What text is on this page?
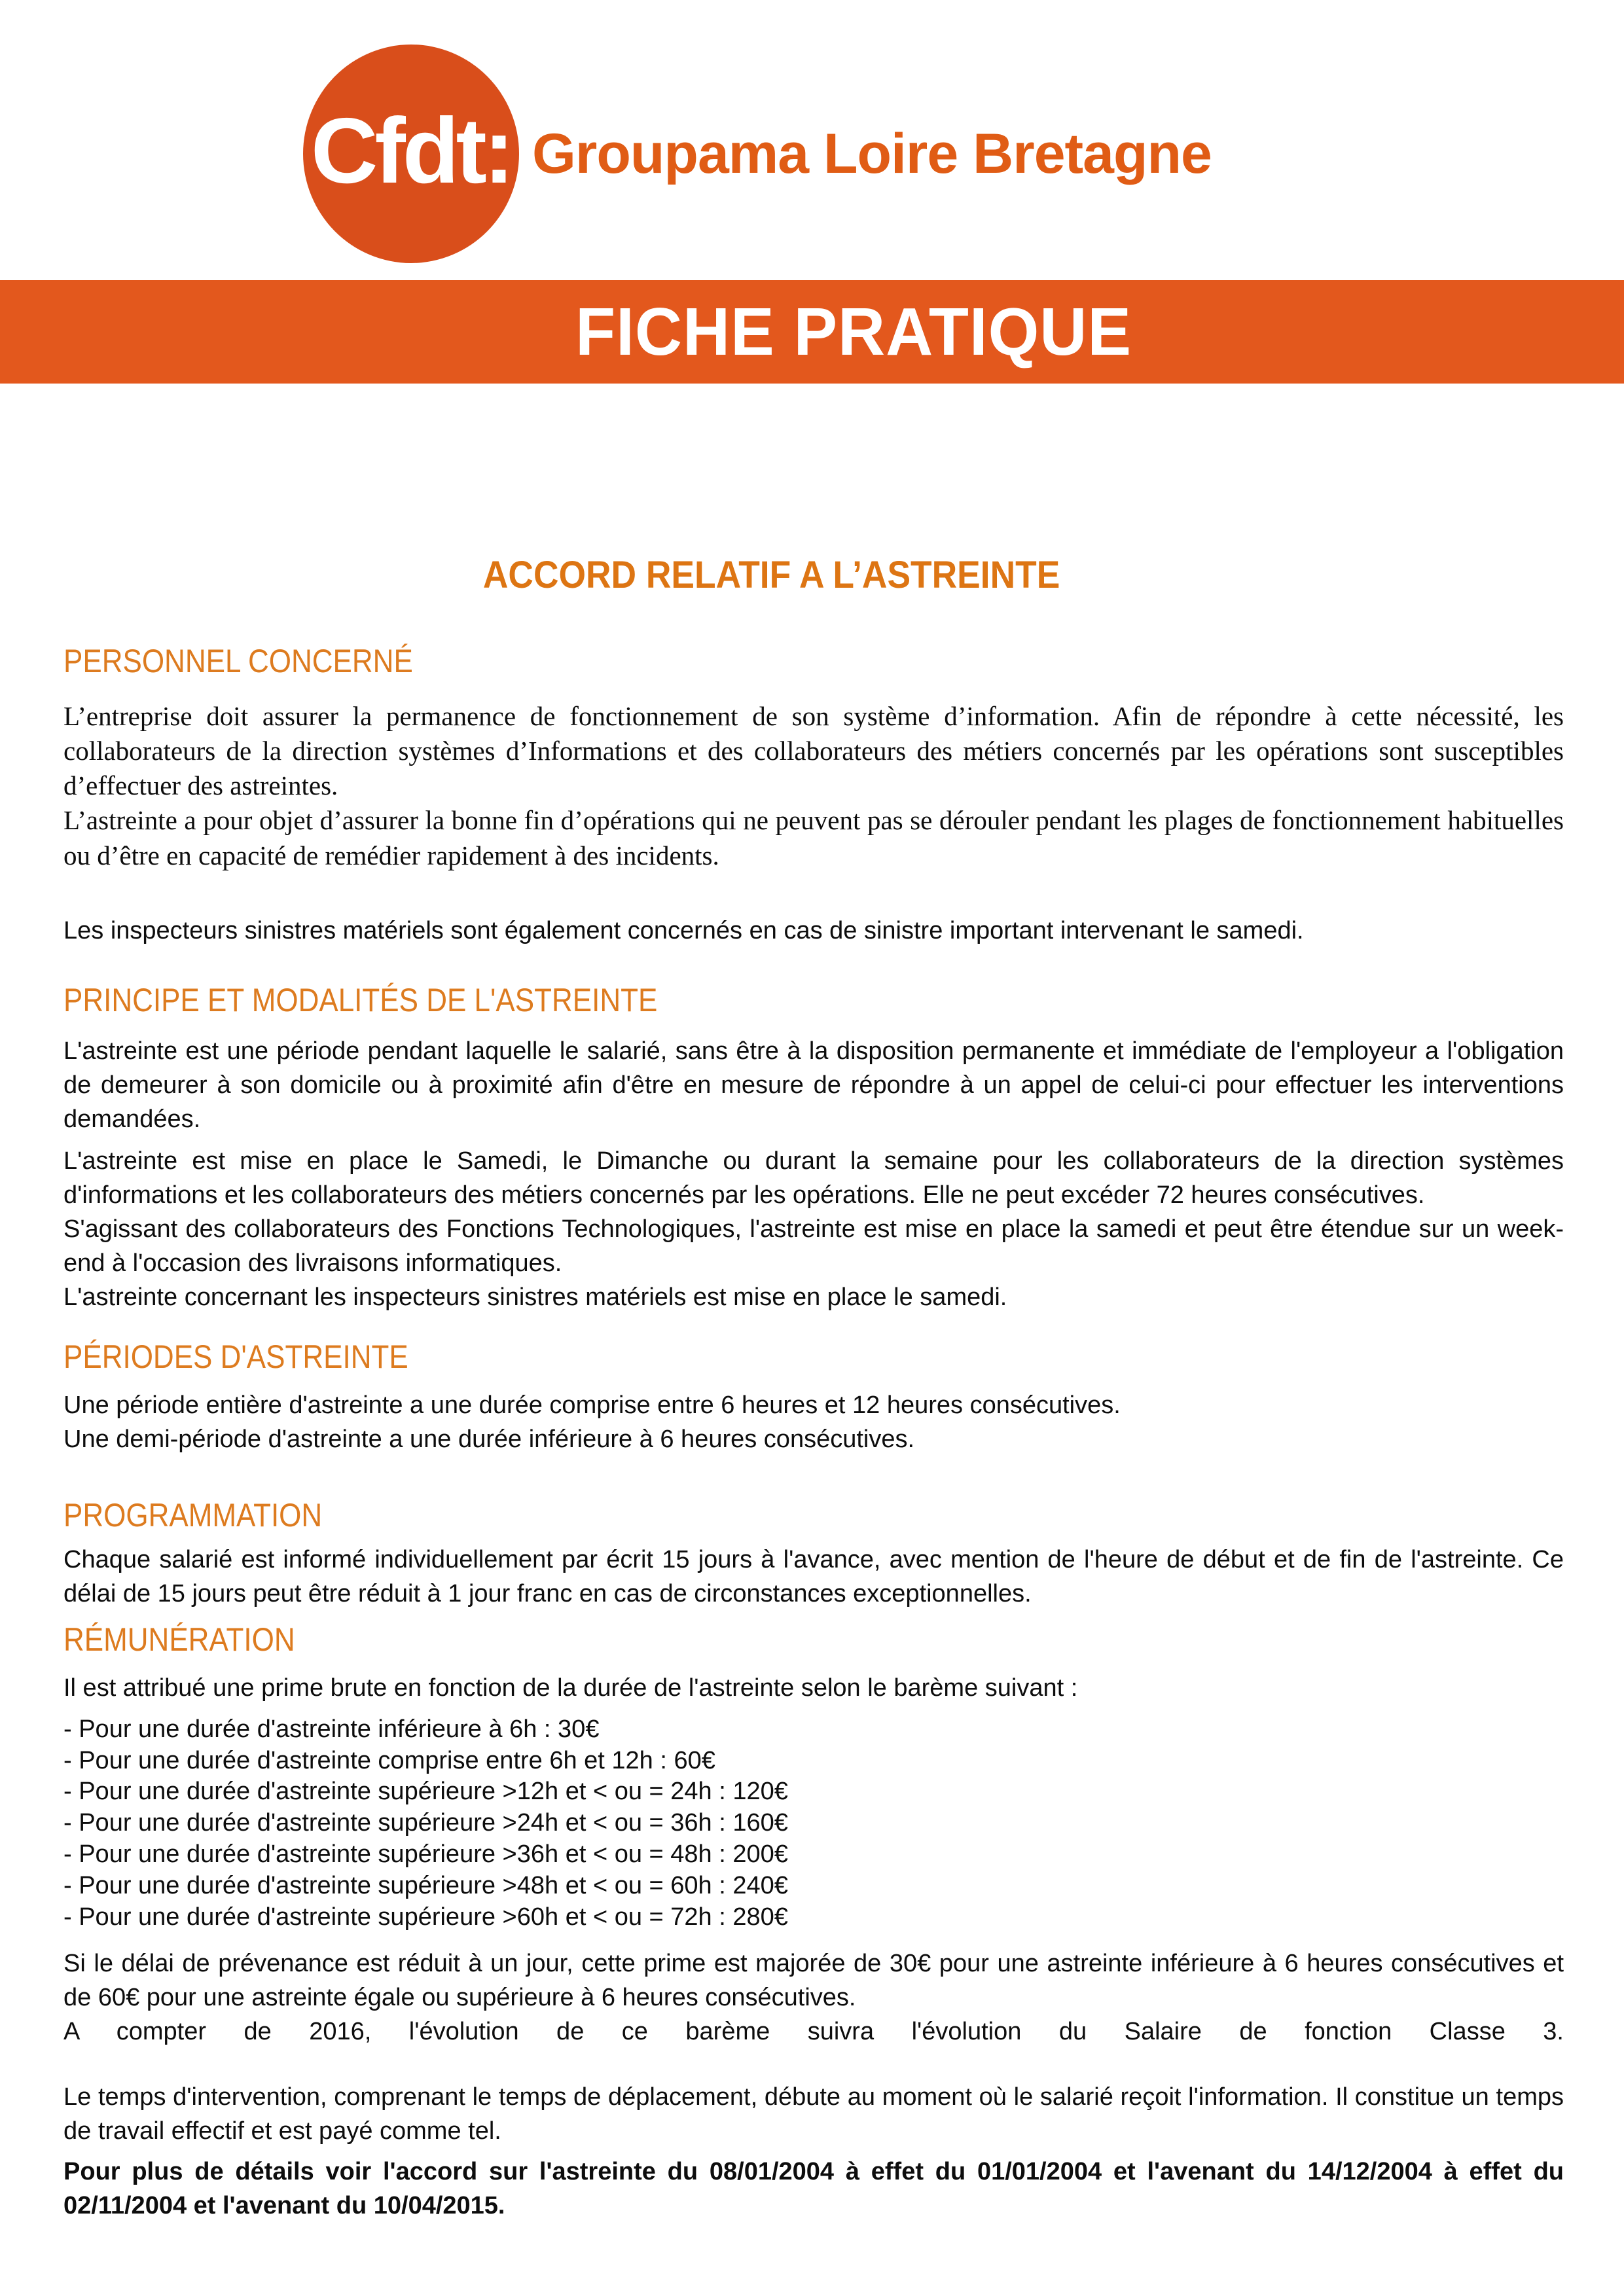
Cfdt: Groupama Loire Bretagne
FICHE PRATIQUE
ACCORD RELATIF A L’ASTREINTE
PERSONNEL CONCERNÉ

L’entreprise doit assurer la permanence de fonctionnement de son système d’information. Afin de répondre à cette nécessité, les collaborateurs de la direction systèmes d’Informations et des collaborateurs des métiers concernés par les opérations sont susceptibles d’effectuer des astreintes.

L’astreinte a pour objet d’assurer la bonne fin d’opérations qui ne peuvent pas se dérouler pendant les plages de fonctionnement habituelles ou d’être en capacité de remédier rapidement à des incidents.

Les inspecteurs sinistres matériels sont également concernés en cas de sinistre important intervenant le samedi.

PRINCIPE ET MODALITÉS DE L'ASTREINTE

L'astreinte est une période pendant laquelle le salarié, sans être à la disposition permanente et immédiate de l'employeur a l'obligation de demeurer à son domicile ou à proximité afin d'être en mesure de répondre à un appel de celui-ci pour effectuer les interventions demandées.

L'astreinte est mise en place le Samedi, le Dimanche ou durant la semaine pour les collaborateurs de la direction systèmes d'informations et les collaborateurs des métiers concernés par les opérations. Elle ne peut excéder 72 heures consécutives.

S'agissant des collaborateurs des Fonctions Technologiques, l'astreinte est mise en place la samedi et peut être étendue sur un week-end à l'occasion des livraisons informatiques.

L'astreinte concernant les inspecteurs sinistres matériels est mise en place le samedi.

PÉRIODES D'ASTREINTE

Une période entière d'astreinte a une durée comprise entre 6 heures et 12 heures consécutives.

Une demi-période d'astreinte a une durée inférieure à 6 heures consécutives.

PROGRAMMATION

Chaque salarié est informé individuellement par écrit 15 jours à l'avance, avec mention de l'heure de début et de fin de l'astreinte. Ce délai de 15 jours peut être réduit à 1 jour franc en cas de circonstances exceptionnelles.

RÉMUNÉRATION

Il est attribué une prime brute en fonction de la durée de l'astreinte selon le barème suivant :

- Pour une durée d'astreinte inférieure à 6h : 30€

- Pour une durée d'astreinte comprise entre 6h et 12h : 60€

- Pour une durée d'astreinte supérieure >12h et < ou = 24h : 120€

- Pour une durée d'astreinte supérieure >24h et < ou = 36h : 160€

- Pour une durée d'astreinte supérieure >36h et < ou = 48h : 200€

- Pour une durée d'astreinte supérieure >48h et < ou = 60h : 240€

- Pour une durée d'astreinte supérieure >60h et < ou = 72h : 280€

Si le délai de prévenance est réduit à un jour, cette prime est majorée de 30€ pour une astreinte inférieure à 6 heures consécutives et de 60€ pour une astreinte égale ou supérieure à 6 heures consécutives.

A compter de 2016, l'évolution de ce barème suivra l'évolution du Salaire de fonction Classe 3.

Le temps d'intervention, comprenant le temps de déplacement, débute au moment où le salarié reçoit l'information. Il constitue un temps de travail effectif et est payé comme tel.

Pour plus de détails voir l'accord sur l'astreinte du 08/01/2004 à effet du 01/01/2004 et l'avenant du 14/12/2004 à effet du 02/11/2004 et l'avenant du 10/04/2015.
